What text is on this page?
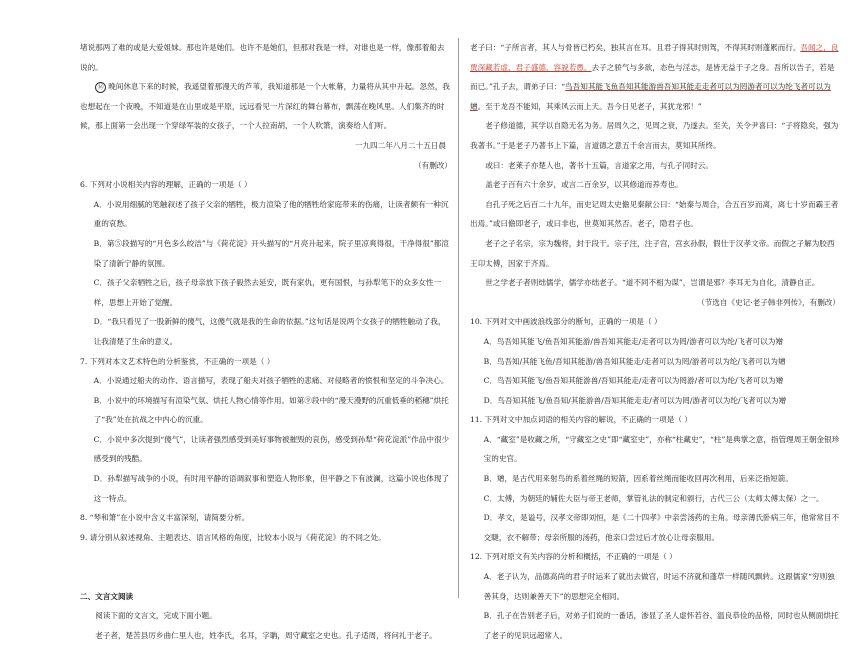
堵说那两了难的或是大爱姐妹。那也许是她们。也许不是她们，但那对我是一样，对谁也是一样，像那着船去说的。

⑯ 晚间休息下来的时候，我遥望着那漫天的芦苇，我知道那是一个大帐幕，力量将从其中升起。忽然，我也想起在一个夜晚，不知道是在山里或是平原，远远看见一片深红的舞台幕布，飘荡在晚风里。人们集齐的时候，那上面第一会出现一个穿绿军装的女孩子，一个人拉南胡，一个人吹箫，演奏给人们听。

一九四二年八月二十五日晨

（有删改）

6. 下列对小说相关内容的理解，正确的一项是（ ）

A．小说用细腻的笔触叙述了孩子父亲的牺牲，极力渲染了他的牺牲给家庭带来的伤痛，让读者颇有一种沉重的哀愁。

B．第⑤段描写的“月色多么皎洁”与《荷花淀》开头描写的“月亮升起来，院子里凉爽得很，干净得很”都渲染了清新宁静的氛围。

C．孩子父亲牺牲之后，孩子母亲放下孩子毅然去延安，既有家仇，更有国恨，与孙犁笔下的众多女性一样，思想上开始了觉醒。

D．“我只看见了一股新鲜的傻气，这傻气就是我的生命的依据。”这句话是说两个女孩子的牺牲触动了我，让我清楚了生命的意义。

7. 下列对本文艺术特色的分析鉴赏，不正确的一项是（ ）

A．小说通过船夫的动作、语言描写，表现了船夫对孩子牺牲的悲痛、对侵略者的愤恨和坚定的斗争决心。

B．小说中的环境描写有渲染气氛、烘托人物心情等作用。如第⑨段中的“漫天漫野的沉重低垂的稻穗”烘托了“我”处在抗战之中内心的沉重。

C．小说中多次提到“傻气”，让读者强烈感受到美好事物被摧毁的哀伤，感受到孙犁“荷花淀派”作品中很少感受到的残酷。

D．孙犁描写战争的小说，有时用平静的语调叙事和塑造人物形象，但平静之下有波澜，这篇小说也体现了这一特点。

8. “琴和箫”在小说中含义丰富深刻，请简要分析。

9. 请分别从叙述视角、主题表达、语言风格的角度，比较本小说与《荷花淀》的不同之处。

二、文言文阅读

阅读下面的文言文，完成下面小题。

老子者，楚苦县厉乡曲仁里人也，姓李氏，名耳，字聃，周守藏室之史也。孔子适周，将问礼于老子。

老子曰：“子所言者，其人与骨皆已朽矣，独其言在耳。且君子得其时则驾，不得其时则蓬累而行。吾闻之，良贾深藏若虚，君子盛德，容貌若愚。去子之骄气与多欲，态色与淫志，是皆无益于子之身。吾所以告子，若是而已。”孔子去，谓弟子曰：“鸟吾知其能飞鱼吾知其能游兽吾知其能走走者可以为罔游者可以为纶飞者可以为矰。至于龙吾不能知，其乘风云而上天。吾今日见老子，其犹龙邪！”

老子修道德，其学以自隐无名为务。居周久之，见周之衰，乃遂去。至关，关令尹喜曰：“子将隐矣，强为我著书。”于是老子乃著书上下篇，言道德之意五千余言而去，莫知其所终。

或曰：老莱子亦楚人也，著书十五篇，言道家之用，与孔子同时云。

盖老子百有六十余岁，或言二百余岁，以其修道而养寿也。

自孔子死之后百二十九年，而史记周太史儋见秦献公曰：“始秦与周合，合五百岁而离，离七十岁而霸王者出焉。”或曰儋即老子，或曰非也，世莫知其然否。老子，隐君子也。

老子之子名宗，宗为魏将，封于段干。宗子注，注子宫，宫玄孙假，假仕于汉孝文帝。而假之子解为胶西王卬太傅，因家于齐焉。

世之学老子者则绌儒学，儒学亦绌老子。“道不同不相为谋”，岂谓是邪？李耳无为自化，清静自正。

（节选自《史记·老子韩非列传》，有删改）

10. 下列对文中画波浪线部分的断句，正确的一项是（ ）

A．鸟吾知其能飞/鱼吾知其能游/兽吾知其能走/走者可以为罔/游者可以为纶/飞者可以为矰

B．鸟吾知/其能飞鱼/吾知其能游/兽吾知其能走/走者可以为罔/游者可以为纶/飞者可以为矰

C．鸟吾知其能飞/鱼吾知其能游兽/吾知其能走/走者可以为罔游/者可以为纶/飞者可以为矰

D．鸟吾知其能飞/鱼吾知/其能游兽/吾知其能走走/者可以为罔/游者可以为纶/飞者可以为矰

11. 下列对文中加点词语的相关内容的解说，不正确的一项是（ ）

A．“藏室”是收藏之所，“守藏室之史”即“藏室史”，亦称“柱藏史”，“柱”是典掌之意，指管理周王朝金银珍宝的史官。

B．矰，是古代用来射鸟的系着丝绳的短箭，因系着丝绳而能收回再次利用，后来泛指短箭。

C．太傅，为朝廷的辅佐大臣与帝王老师，掌管礼法的制定和颁行，古代三公（太师太傅太保）之一。

D．孝文，是谥号，汉孝文帝即刘恒，是《二十四孝》中亲尝汤药的主角。母亲薄氏卧病三年，他常常目不交睫，衣不解带；母亲所服的汤药，他亲口尝过后才放心让母亲服用。

12. 下列对原文有关内容的分析和概括，不正确的一项是（ ）

A．老子认为，品德高尚的君子时运来了就出去做官，时运不济就和蓬草一样随风飘转。这跟儒家“穷则独善其身，达则兼善天下”的思想完全相同。

B．孔子在告别老子后，对弟子们说的一番话，渗显了圣人虚怀若谷、温良恭俭的品格，同时也从侧面烘托了老子的见识远超常人。
